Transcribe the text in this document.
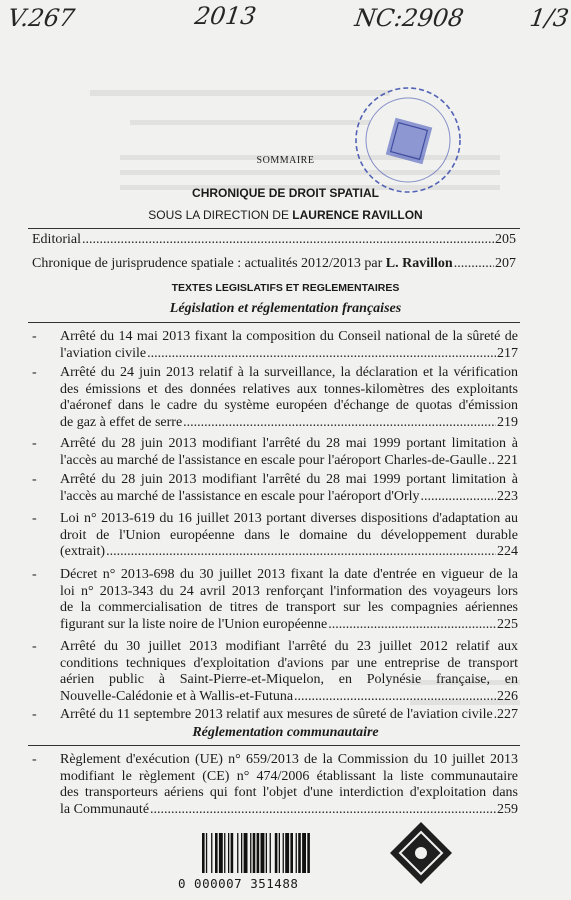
V.267	2013	NC:2908	1/3
SOMMAIRE
CHRONIQUE DE DROIT SPATIAL
SOUS LA DIRECTION DE LAURENCE RAVILLON
Editorial .....	205
Chronique de jurisprudence spatiale : actualités 2012/2013 par L. Ravillon .....	207
TEXTES LEGISLATIFS ET REGLEMENTAIRES
Législation et réglementation françaises
- Arrêté du 14 mai 2013 fixant la composition du Conseil national de la sûreté de
l'aviation civile .....	217
- Arrêté du 24 juin 2013 relatif à la surveillance, la déclaration et la vérification
des émissions et des données relatives aux tonnes-kilomètres des exploitants
d'aéronef dans le cadre du système européen d'échange de quotas d'émission
de gaz à effet de serre .....	219
- Arrêté du 28 juin 2013 modifiant l'arrêté du 28 mai 1999 portant limitation à
l'accès au marché de l'assistance en escale pour l'aéroport Charles-de-Gaulle ..... 221
- Arrêté du 28 juin 2013 modifiant l'arrêté du 28 mai 1999 portant limitation à
l'accès au marché de l'assistance en escale pour l'aéroport d'Orly .....	223
- Loi n° 2013-619 du 16 juillet 2013 portant diverses dispositions d'adaptation au
droit de l'Union européenne dans le domaine du développement durable
(extrait) .....	224
- Décret n° 2013-698 du 30 juillet 2013 fixant la date d'entrée en vigueur de la
loi n° 2013-343 du 24 avril 2013 renforçant l'information des voyageurs lors
de la commercialisation de titres de transport sur les compagnies aériennes
figurant sur la liste noire de l'Union européenne .....	225
- Arrêté du 30 juillet 2013 modifiant l'arrêté du 23 juillet 2012 relatif aux
conditions techniques d'exploitation d'avions par une entreprise de transport
aérien public à Saint-Pierre-et-Miquelon, en Polynésie française, en
Nouvelle-Calédonie et à Wallis-et-Futuna .....	226
- Arrêté du 11 septembre 2013 relatif aux mesures de sûreté de l'aviation civile ..... 227
Réglementation communautaire
- Règlement d'exécution (UE) n° 659/2013 de la Commission du 10 juillet 2013
modifiant le règlement (CE) n° 474/2006 établissant la liste communautaire
des transporteurs aériens qui font l'objet d'une interdiction d'exploitation dans
la Communauté .....	259
0 000007 351488
